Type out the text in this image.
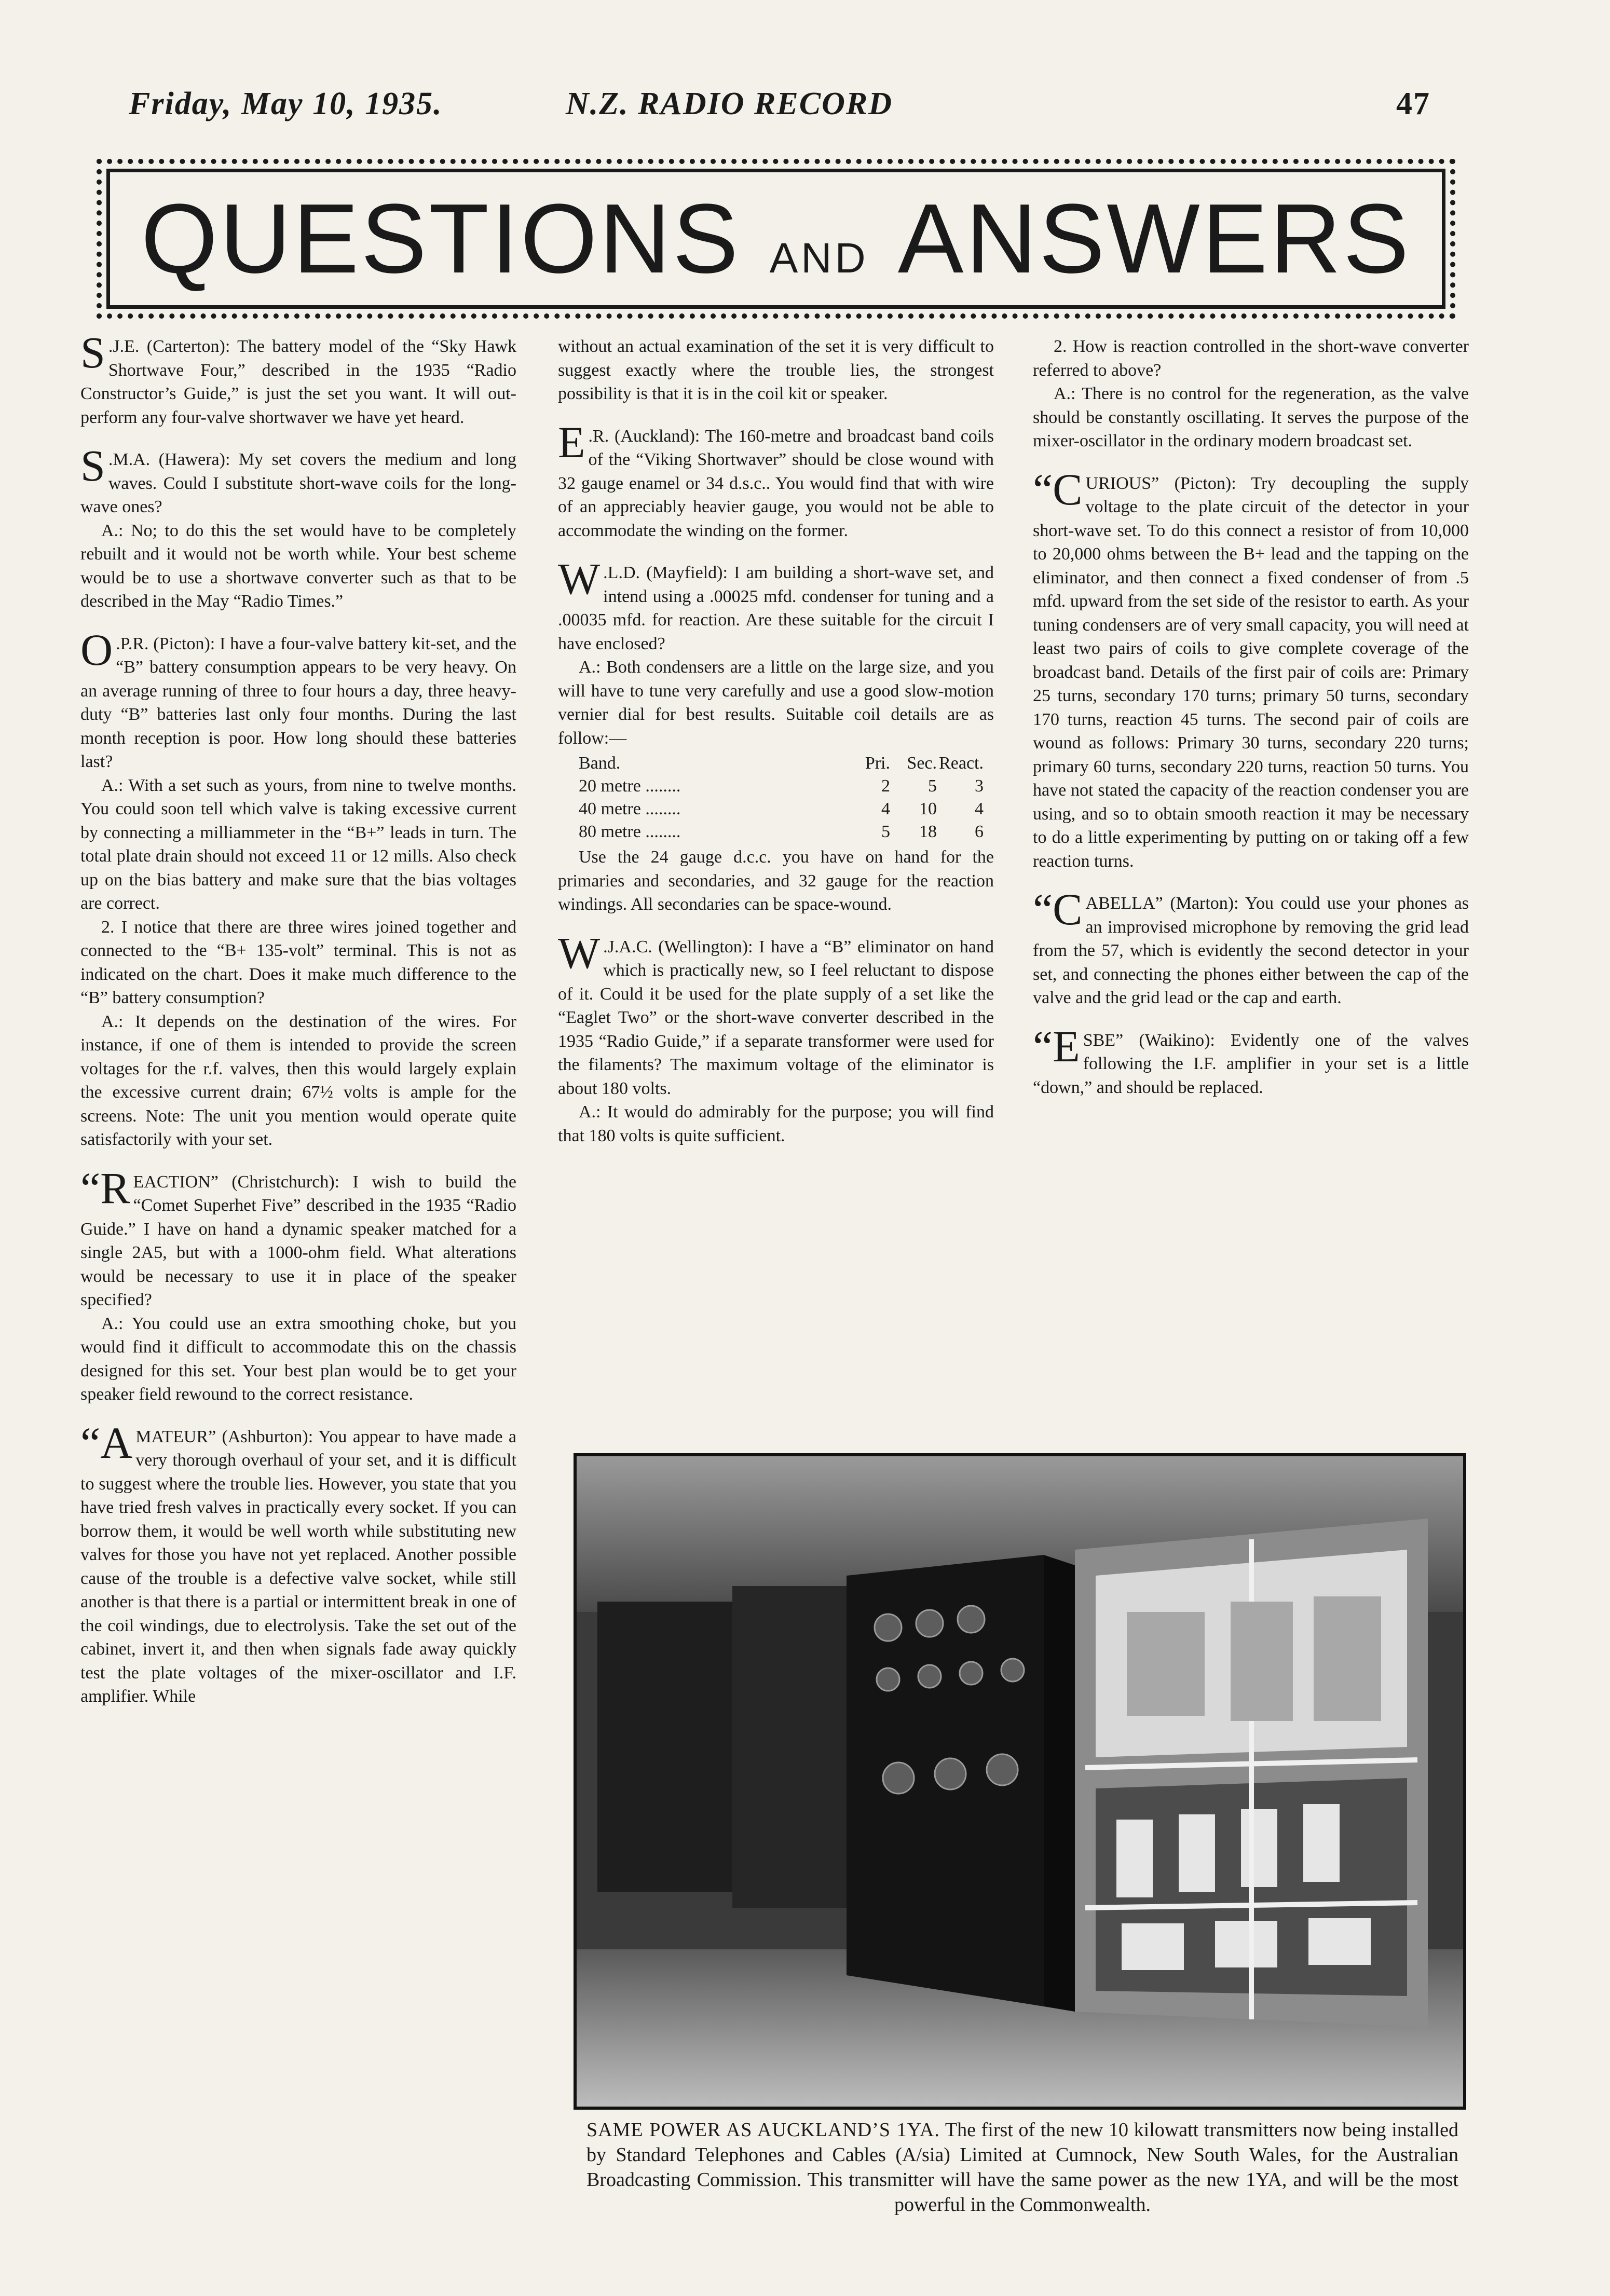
Friday, May 10, 1935.	N.Z. RADIO RECORD	47
QUESTIONS AND ANSWERS

S .J.E. (Carterton): The battery model of the “Sky Hawk Shortwave Four,” described in the 1935 “Radio Constructor’s Guide,” is just the set you want. It will out-perform any four-valve shortwaver we have yet heard.

S .M.A. (Hawera): My set covers the medium and long waves. Could I substitute short-wave coils for the long-wave ones?

A.: No; to do this the set would have to be completely rebuilt and it would not be worth while. Your best scheme would be to use a shortwave converter such as that to be described in the May “Radio Times.”

O .P.R. (Picton): I have a four-valve battery kit-set, and the “B” battery consumption appears to be very heavy. On an average running of three to four hours a day, three heavy-duty “B” batteries last only four months. During the last month reception is poor. How long should these batteries last?

A.: With a set such as yours, from nine to twelve months. You could soon tell which valve is taking excessive current by connecting a milliammeter in the “B+” leads in turn. The total plate drain should not exceed 11 or 12 mills. Also check up on the bias battery and make sure that the bias voltages are correct.

2. I notice that there are three wires joined together and connected to the “B+ 135-volt” terminal. This is not as indicated on the chart. Does it make much difference to the “B” battery consumption?

A.: It depends on the destination of the wires. For instance, if one of them is intended to provide the screen voltages for the r.f. valves, then this would largely explain the excessive current drain; 67½ volts is ample for the screens. Note: The unit you mention would operate quite satisfactorily with your set.

“R EACTION” (Christchurch): I wish to build the “Comet Superhet Five” described in the 1935 “Radio Guide.” I have on hand a dynamic speaker matched for a single 2A5, but with a 1000-ohm field. What alterations would be necessary to use it in place of the speaker specified?

A.: You could use an extra smoothing choke, but you would find it difficult to accommodate this on the chassis designed for this set. Your best plan would be to get your speaker field rewound to the correct resistance.

“A MATEUR” (Ashburton): You appear to have made a very thorough overhaul of your set, and it is difficult to suggest where the trouble lies. However, you state that you have tried fresh valves in practically every socket. If you can borrow them, it would be well worth while substituting new valves for those you have not yet replaced. Another possible cause of the trouble is a defective valve socket, while still another is that there is a partial or intermittent break in one of the coil windings, due to electrolysis. Take the set out of the cabinet, invert it, and then when signals fade away quickly test the plate voltages of the mixer-oscillator and I.F. amplifier. While

without an actual examination of the set it is very difficult to suggest exactly where the trouble lies, the strongest possibility is that it is in the coil kit or speaker.

E .R. (Auckland): The 160-metre and broadcast band coils of the “Viking Shortwaver” should be close wound with 32 gauge enamel or 34 d.s.c.. You would find that with wire of an appreciably heavier gauge, you would not be able to accommodate the winding on the former.

W .L.D. (Mayfield): I am building a short-wave set, and intend using a .00025 mfd. condenser for tuning and a .00035 mfd. for reaction. Are these suitable for the circuit I have enclosed?

A.: Both condensers are a little on the large size, and you will have to tune very carefully and use a good slow-motion vernier dial for best results. Suitable coil details are as follow:—

Band.	Pri.	Sec.	React.
20 metre ........	2	5	3
40 metre ........	4	10	4
80 metre ........	5	18	6

Use the 24 gauge d.c.c. you have on hand for the primaries and secondaries, and 32 gauge for the reaction windings. All secondaries can be space-wound.

W .J.A.C. (Wellington): I have a “B” eliminator on hand which is practically new, so I feel reluctant to dispose of it. Could it be used for the plate supply of a set like the “Eaglet Two” or the short-wave converter described in the 1935 “Radio Guide,” if a separate transformer were used for the filaments? The maximum voltage of the eliminator is about 180 volts.

A.: It would do admirably for the purpose; you will find that 180 volts is quite sufficient.

2. How is reaction controlled in the short-wave converter referred to above?

A.: There is no control for the regeneration, as the valve should be constantly oscillating. It serves the purpose of the mixer-oscillator in the ordinary modern broadcast set.

“C URIOUS” (Picton): Try decoupling the supply voltage to the plate circuit of the detector in your short-wave set. To do this connect a resistor of from 10,000 to 20,000 ohms between the B+ lead and the tapping on the eliminator, and then connect a fixed condenser of from .5 mfd. upward from the set side of the resistor to earth. As your tuning condensers are of very small capacity, you will need at least two pairs of coils to give complete coverage of the broadcast band. Details of the first pair of coils are: Primary 25 turns, secondary 170 turns; primary 50 turns, secondary 170 turns, reaction 45 turns. The second pair of coils are wound as follows: Primary 30 turns, secondary 220 turns; primary 60 turns, secondary 220 turns, reaction 50 turns. You have not stated the capacity of the reaction condenser you are using, and so to obtain smooth reaction it may be necessary to do a little experimenting by putting on or taking off a few reaction turns.

“C ABELLA” (Marton): You could use your phones as an improvised microphone by removing the grid lead from the 57, which is evidently the second detector in your set, and connecting the phones either between the cap of the valve and the grid lead or the cap and earth.

“E SBE” (Waikino): Evidently one of the valves following the I.F. amplifier in your set is a little “down,” and should be replaced.

SAME POWER AS AUCKLAND’S 1YA. The first of the new 10 kilowatt transmitters now being installed by Standard Telephones and Cables (A/sia) Limited at Cumnock, New South Wales, for the Australian Broadcasting Commission. This transmitter will have the same power as the new 1YA, and will be the most powerful in the Commonwealth.
